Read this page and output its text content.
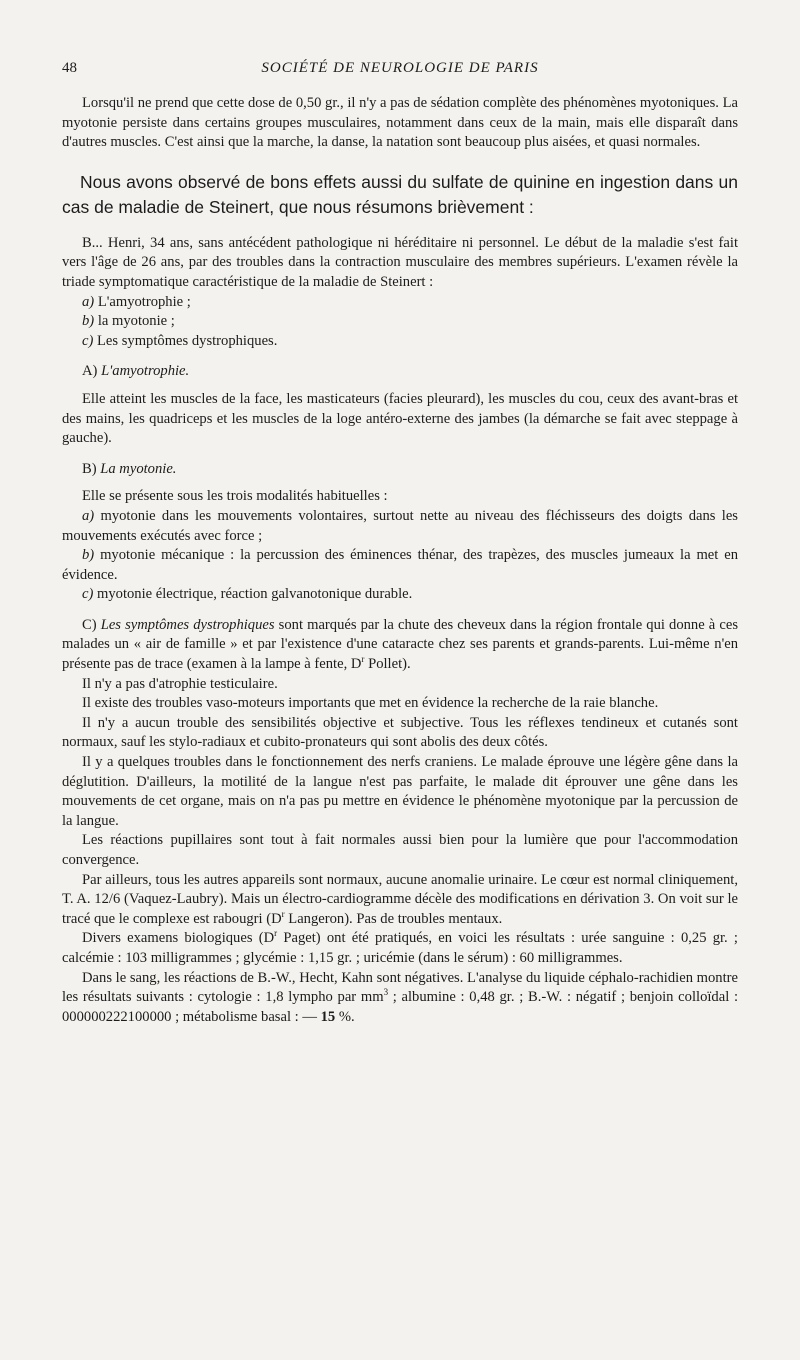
48	SOCIÉTÉ DE NEUROLOGIE DE PARIS

Lorsqu'il ne prend que cette dose de 0,50 gr., il n'y a pas de sédation complète des phénomènes myotoniques. La myotonie persiste dans certains groupes musculaires, notamment dans ceux de la main, mais elle disparaît dans d'autres muscles. C'est ainsi que la marche, la danse, la natation sont beaucoup plus aisées, et quasi normales.

Nous avons observé de bons effets aussi du sulfate de quinine en ingestion dans un cas de maladie de Steinert, que nous résumons brièvement :

B... Henri, 34 ans, sans antécédent pathologique ni héréditaire ni personnel. Le début de la maladie s'est fait vers l'âge de 26 ans, par des troubles dans la contraction musculaire des membres supérieurs. L'examen révèle la triade symptomatique caractéristique de la maladie de Steinert :

a) L'amyotrophie ;

b) la myotonie ;

c) Les symptômes dystrophiques.

A) L'amyotrophie.

Elle atteint les muscles de la face, les masticateurs (facies pleurard), les muscles du cou, ceux des avant-bras et des mains, les quadriceps et les muscles de la loge antéro-externe des jambes (la démarche se fait avec steppage à gauche).

B) La myotonie.

Elle se présente sous les trois modalités habituelles :

a) myotonie dans les mouvements volontaires, surtout nette au niveau des fléchisseurs des doigts dans les mouvements exécutés avec force ;

b) myotonie mécanique : la percussion des éminences thénar, des trapèzes, des muscles jumeaux la met en évidence.

c) myotonie électrique, réaction galvanotonique durable.

C) Les symptômes dystrophiques sont marqués par la chute des cheveux dans la région frontale qui donne à ces malades un « air de famille » et par l'existence d'une cataracte chez ses parents et grands-parents. Lui-même n'en présente pas de trace (examen à la lampe à fente, $D^r$ Pollet).

Il n'y a pas d'atrophie testiculaire.

Il existe des troubles vaso-moteurs importants que met en évidence la recherche de la raie blanche.

Il n'y a aucun trouble des sensibilités objective et subjective. Tous les réflexes tendineux et cutanés sont normaux, sauf les stylo-radiaux et cubito-pronateurs qui sont abolis des deux côtés.

Il y a quelques troubles dans le fonctionnement des nerfs craniens. Le malade éprouve une légère gêne dans la déglutition. D'ailleurs, la motilité de la langue n'est pas parfaite, le malade dit éprouver une gêne dans les mouvements de cet organe, mais on n'a pas pu mettre en évidence le phénomène myotonique par la percussion de la langue.

Les réactions pupillaires sont tout à fait normales aussi bien pour la lumière que pour l'accommodation convergence.

Par ailleurs, tous les autres appareils sont normaux, aucune anomalie urinaire. Le cœur est normal cliniquement, T. A. 12/6 (Vaquez-Laubry). Mais un électro-cardiogramme décèle des modifications en dérivation 3. On voit sur le tracé que le complexe est rabougri ($D^r$ Langeron). Pas de troubles mentaux.

Divers examens biologiques ($D^r$ Paget) ont été pratiqués, en voici les résultats : urée sanguine : 0,25 gr. ; calcémie : 103 milligrammes ; glycémie : 1,15 gr. ; uricémie (dans le sérum) : 60 milligrammes.

Dans le sang, les réactions de B.-W., Hecht, Kahn sont négatives. L'analyse du liquide céphalo-rachidien montre les résultats suivants : cytologie : 1,8 lympho par $mm^3$ ; albumine : 0,48 gr. ; B.-W. : négatif ; benjoin colloïdal : 000000222100000 ; métabolisme basal : — 15 %.
